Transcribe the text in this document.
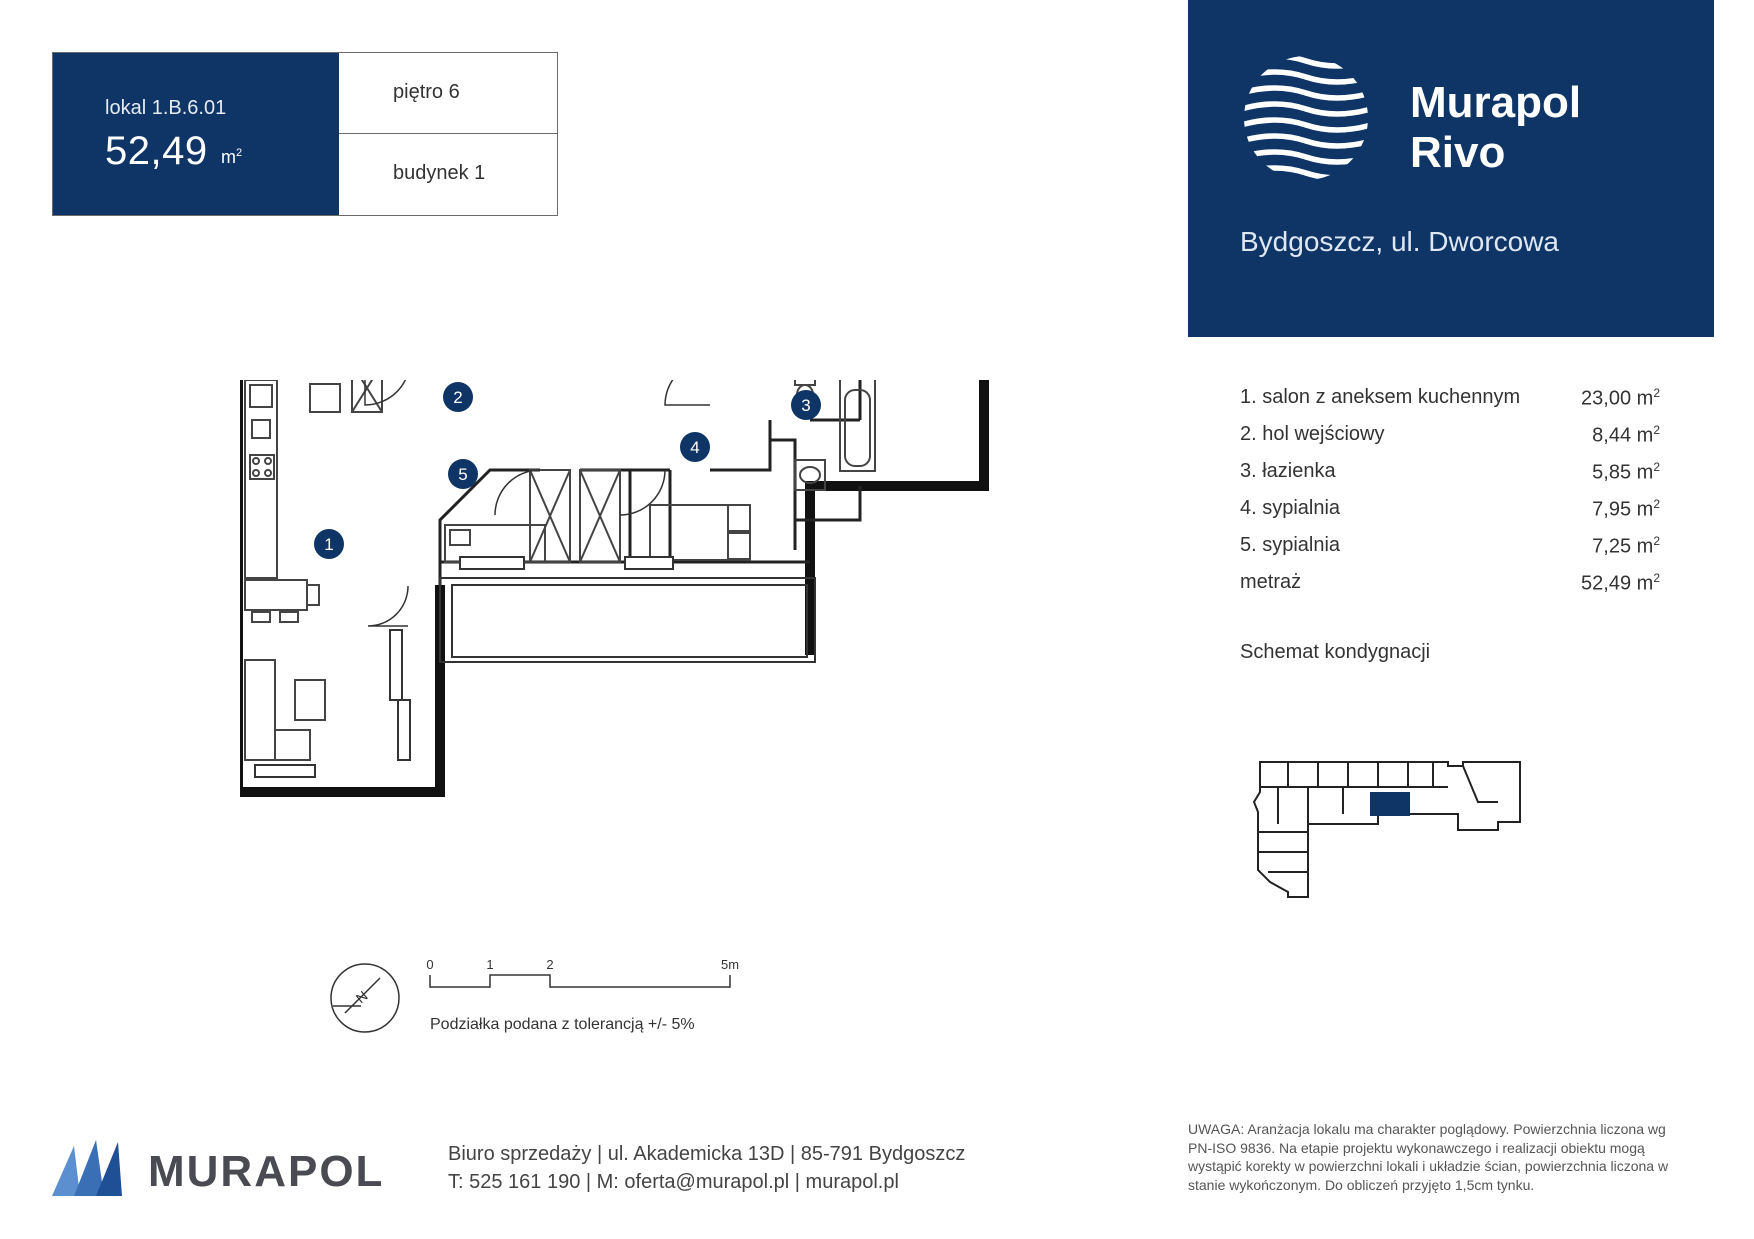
lokal 1.B.6.01
52,49 $m^2$
piętro 6
budynek 1
Murapol
Rivo
Bydgoszcz, ul. Dworcowa
1. salon z aneksem kuchennym	23,00 $m^2$
2. hol wejściowy	8,44 $m^2$
3. łazienka	5,85 $m^2$
4. sypialnia	7,95 $m^2$
5. sypialnia	7,25 $m^2$
metraż	52,49 $m^2$
Schemat kondygnacji
1
2	3
4
5
N
0	1	2	5m
Podziałka podana z tolerancją +/- 5%
MURAPOL	Biuro sprzedaży | ul. Akademicka 13D | 85-791 Bydgoszcz
T: 525 161 190 | M: oferta@murapol.pl | murapol.pl
UWAGA: Aranżacja lokalu ma charakter poglądowy. Powierzchnia liczona wg PN-ISO 9836. Na etapie projektu wykonawczego i realizacji obiektu mogą wystąpić korekty w powierzchni lokali i układzie ścian, powierzchnia liczona w stanie wykończonym. Do obliczeń przyjęto 1,5cm tynku.
